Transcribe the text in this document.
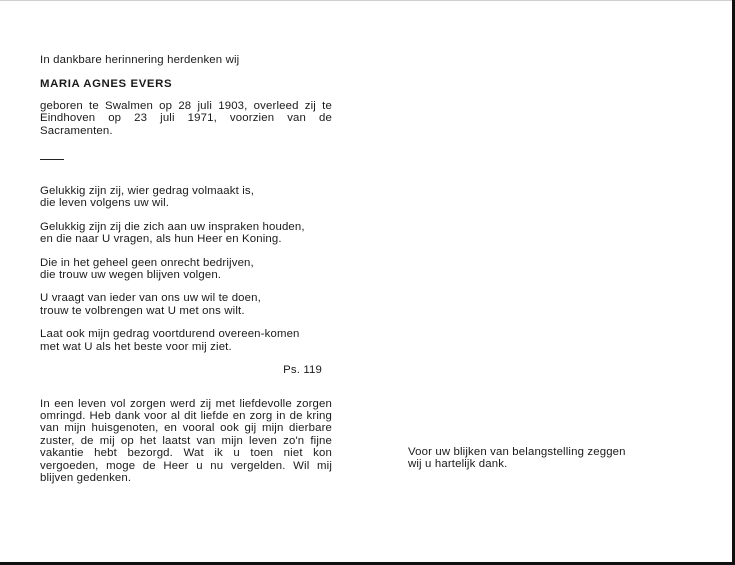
In dankbare herinnering herdenken wij

MARIA AGNES EVERS

geboren te Swalmen op 28 juli 1903, overleed zij te Eindhoven op 23 juli 1971, voorzien van de Sacramenten.

Gelukkig zijn zij, wier gedrag volmaakt is,
die leven volgens uw wil.

Gelukkig zijn zij die zich aan uw inspraken houden,
en die naar U vragen, als hun Heer en Koning.

Die in het geheel geen onrecht bedrijven,
die trouw uw wegen blijven volgen.

U vraagt van ieder van ons uw wil te doen,
trouw te volbrengen wat U met ons wilt.

Laat ook mijn gedrag voortdurend overeen-komen
met wat U als het beste voor mij ziet.

Ps. 119

In een leven vol zorgen werd zij met liefdevolle zorgen omringd. Heb dank voor al dit liefde en zorg in de kring van mijn huisgenoten, en vooral ook gij mijn dierbare zuster, de mij op het laatst van mijn leven zo'n fijne vakantie hebt bezorgd. Wat ik u toen niet kon vergoeden, moge de Heer u nu vergelden. Wil mij blijven gedenken.

Voor uw blijken van belangstelling zeggen
wij u hartelijk dank.
